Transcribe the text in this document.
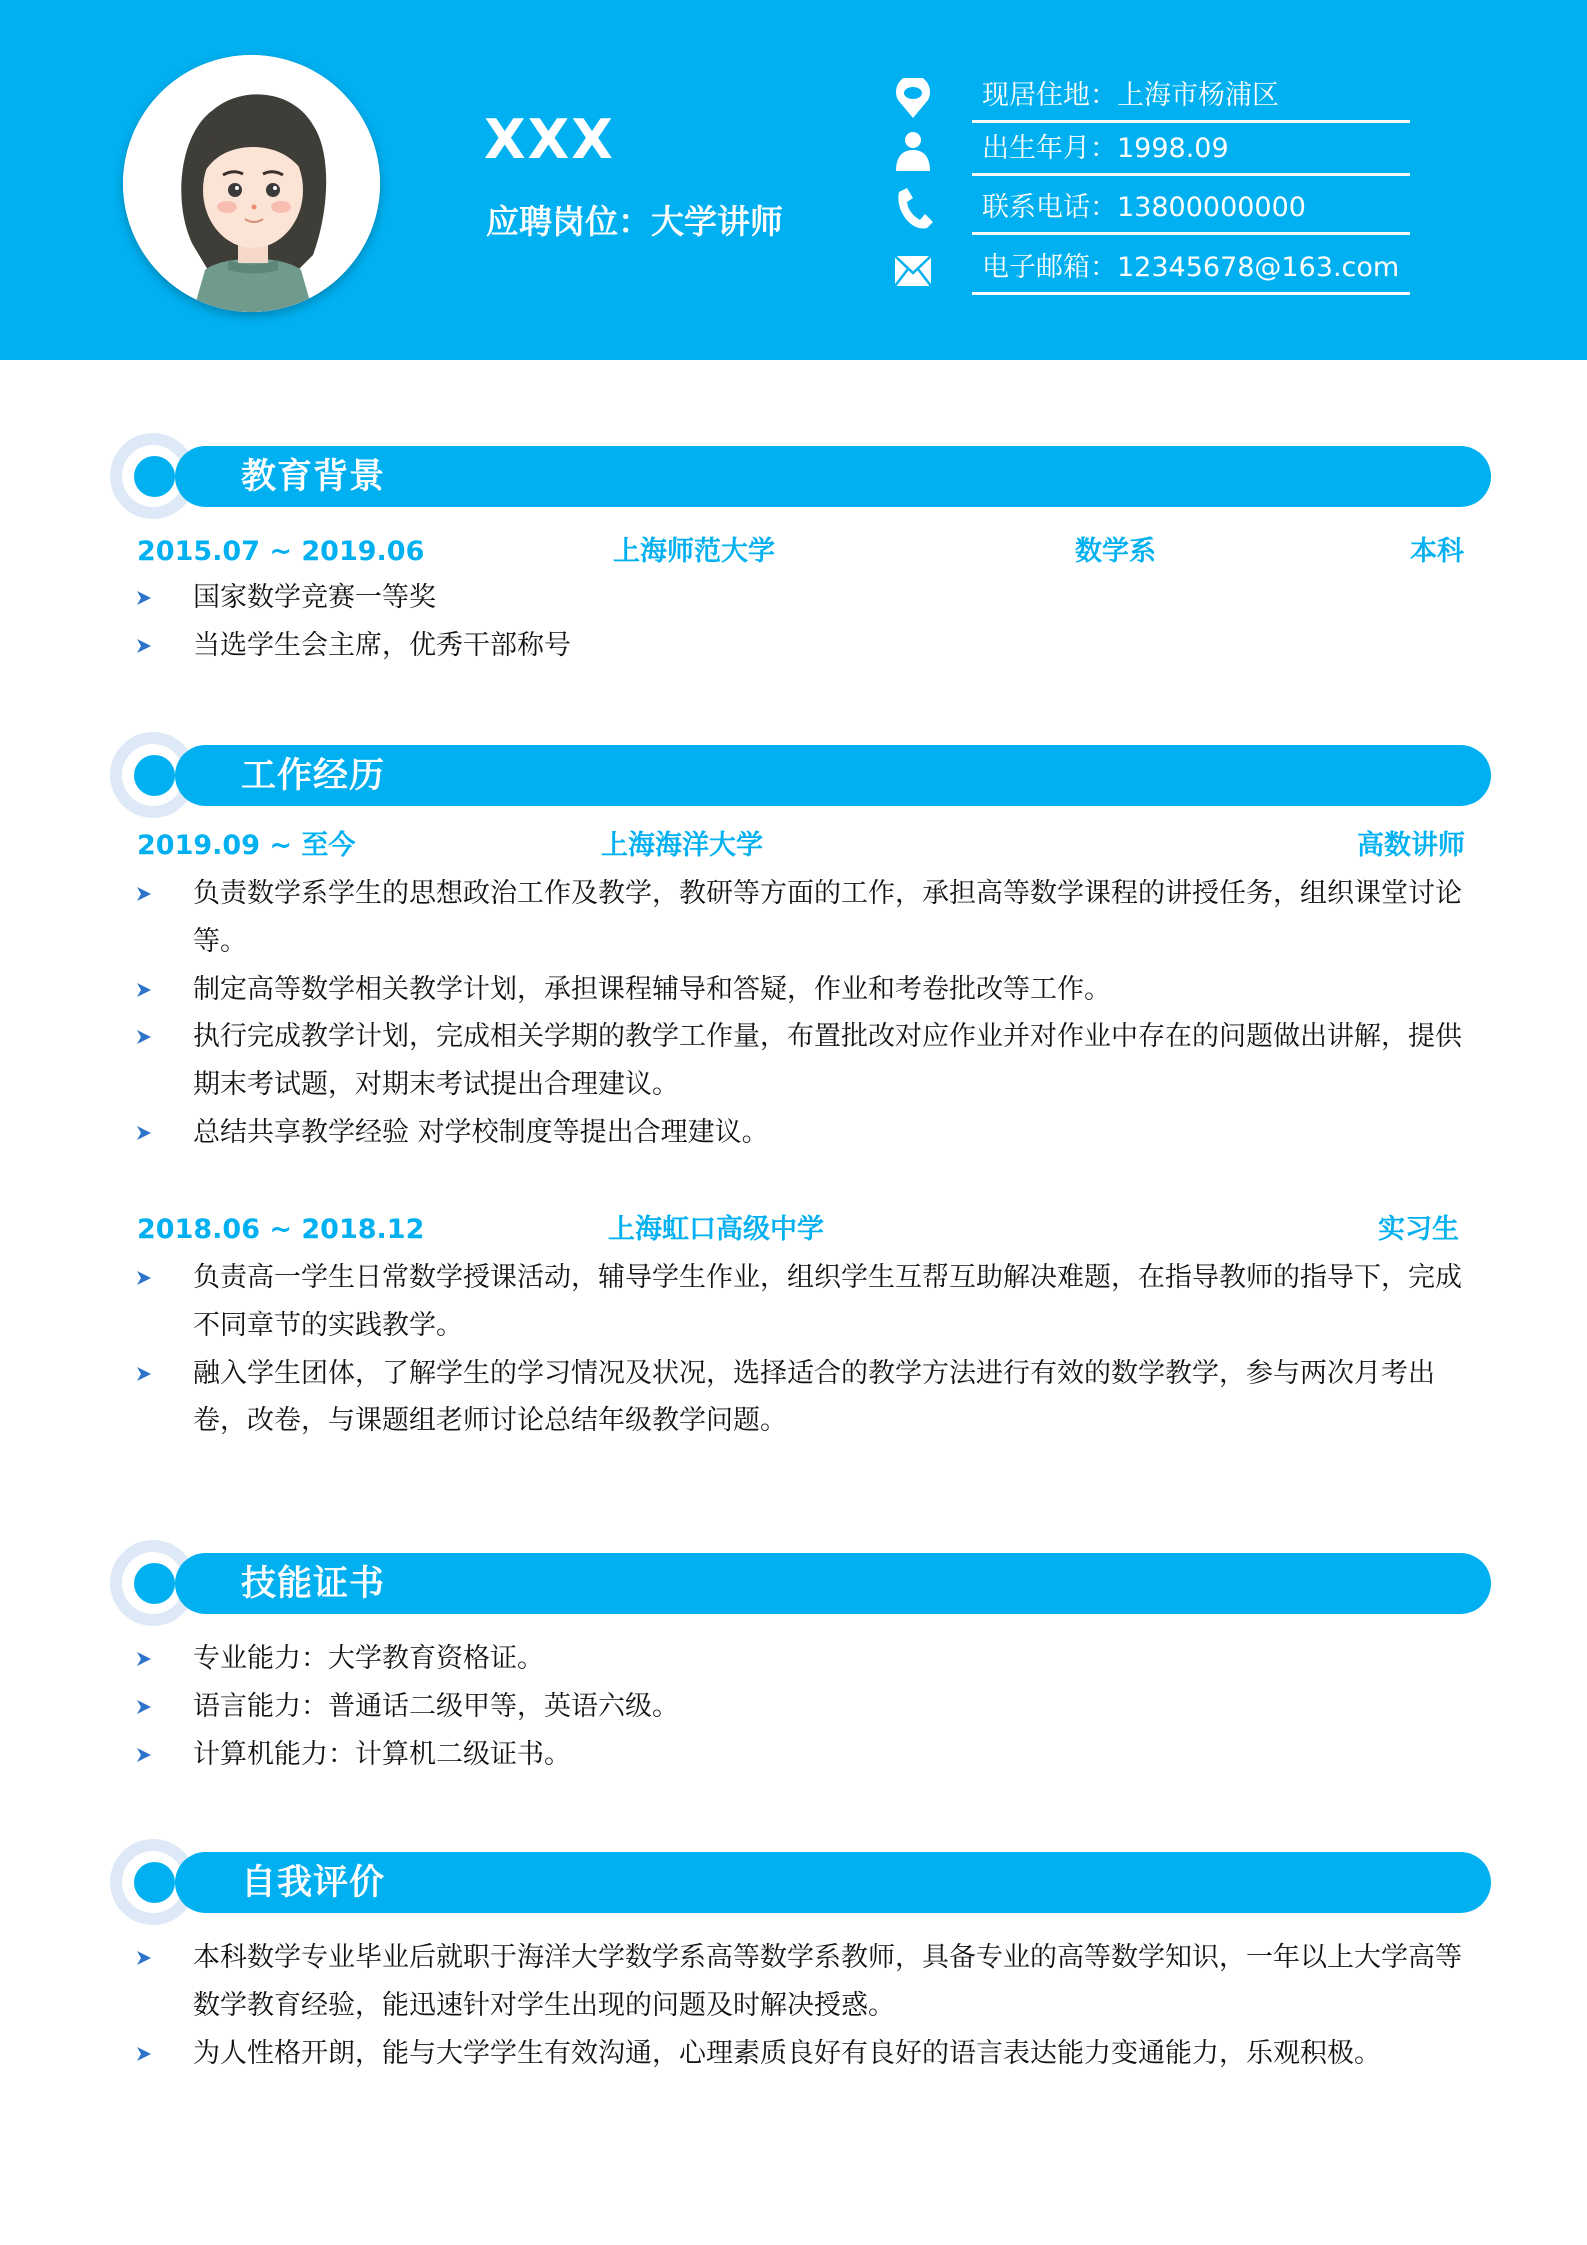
XXX
应聘岗位：大学讲师
现居住地：上海市杨浦区
出生年月：1998.09
联系电话：13800000000
电子邮箱：12345678@163.com
教育背景
2015.07 ~ 2019.06	上海师范大学	数学系	本科
国家数学竞赛一等奖
当选学生会主席，优秀干部称号
工作经历
2019.09 ~ 至今	上海海洋大学	高数讲师
负责数学系学生的思想政治工作及教学，教研等方面的工作，承担高等数学课程的讲授任务，组织课堂讨论等。
制定高等数学相关教学计划，承担课程辅导和答疑，作业和考卷批改等工作。
执行完成教学计划，完成相关学期的教学工作量，布置批改对应作业并对作业中存在的问题做出讲解，提供期末考试题，对期末考试提出合理建议。
总结共享教学经验 对学校制度等提出合理建议。
2018.06 ~ 2018.12	上海虹口高级中学	实习生
负责高一学生日常数学授课活动，辅导学生作业，组织学生互帮互助解决难题，在指导教师的指导下，完成不同章节的实践教学。
融入学生团体，了解学生的学习情况及状况，选择适合的教学方法进行有效的数学教学，参与两次月考出卷，改卷，与课题组老师讨论总结年级教学问题。
技能证书
专业能力：大学教育资格证。
语言能力：普通话二级甲等，英语六级。
计算机能力：计算机二级证书。
自我评价
本科数学专业毕业后就职于海洋大学数学系高等数学系教师，具备专业的高等数学知识，一年以上大学高等数学教育经验，能迅速针对学生出现的问题及时解决授惑。
为人性格开朗，能与大学学生有效沟通，心理素质良好有良好的语言表达能力变通能力，乐观积极。
